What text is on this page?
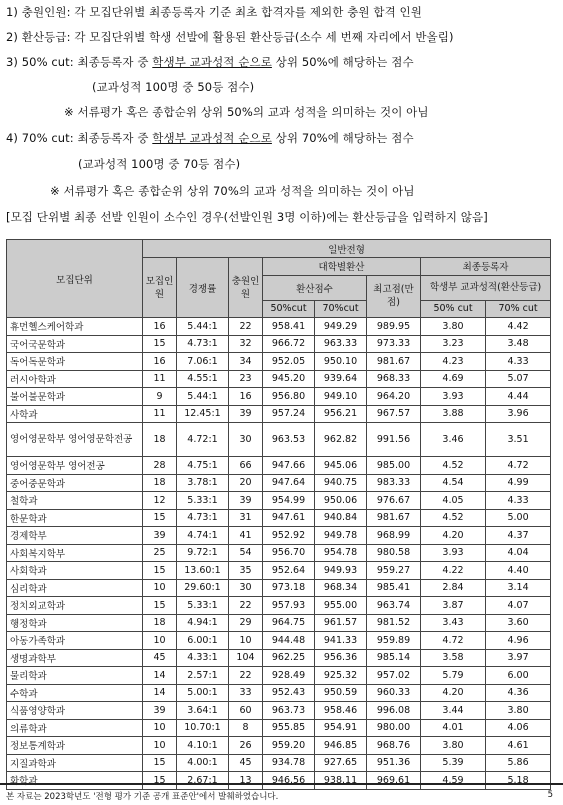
1) 충원인원: 각 모집단위별 최종등록자 기준 최초 합격자를 제외한 충원 합격 인원
2) 환산등급: 각 모집단위별 학생 선발에 활용된 환산등급(소수 세 번째 자리에서 반올림)
3) 50% cut: 최종등록자 중 학생부 교과성적 순으로 상위 50%에 해당하는 점수
(교과성적 100명 중 50등 점수)
※ 서류평가 혹은 종합순위 상위 50%의 교과 성적을 의미하는 것이 아님
4) 70% cut: 최종등록자 중 학생부 교과성적 순으로 상위 70%에 해당하는 점수
(교과성적 100명 중 70등 점수)
※ 서류평가 혹은 종합순위 상위 70%의 교과 성적을 의미하는 것이 아님
[모집 단위별 최종 선발 인원이 소수인 경우(선발인원 3명 이하)에는 환산등급을 입력하지 않음]
모집단위	일반전형							
	모집인원	경쟁률	충원인원	대학별환산			최종등록자	
				환산점수		최고점(만점)	학생부 교과성적(환산등급)	
				50%cut	70%cut		50% cut	70% cut
휴먼헬스케어학과	16	5.44:1	22	958.41	949.29	989.95	3.80	4.42
국어국문학과	15	4.73:1	32	966.72	963.33	973.33	3.23	3.48
독어독문학과	16	7.06:1	34	952.05	950.10	981.67	4.23	4.33
러시아학과	11	4.55:1	23	945.20	939.64	968.33	4.69	5.07
불어불문학과	9	5.44:1	16	956.80	949.10	964.20	3.93	4.44
사학과	11	12.45:1	39	957.24	956.21	967.57	3.88	3.96
영어영문학부 영어영문학전공	18	4.72:1	30	963.53	962.82	991.56	3.46	3.51
영어영문학부 영어전공	28	4.75:1	66	947.66	945.06	985.00	4.52	4.72
중어중문학과	18	3.78:1	20	947.64	940.75	983.33	4.54	4.99
철학과	12	5.33:1	39	954.99	950.06	976.67	4.05	4.33
한문학과	15	4.73:1	31	947.61	940.84	981.67	4.52	5.00
경제학부	39	4.74:1	41	952.92	949.78	968.99	4.20	4.37
사회복지학부	25	9.72:1	54	956.70	954.78	980.58	3.93	4.04
사회학과	15	13.60:1	35	952.64	949.93	959.27	4.22	4.40
심리학과	10	29.60:1	30	973.18	968.34	985.41	2.84	3.14
정치외교학과	15	5.33:1	22	957.93	955.00	963.74	3.87	4.07
행정학과	18	4.94:1	29	964.75	961.57	981.52	3.43	3.60
아동가족학과	10	6.00:1	10	944.48	941.33	959.89	4.72	4.96
생명과학부	45	4.33:1	104	962.25	956.36	985.14	3.58	3.97
물리학과	14	2.57:1	22	928.49	925.32	957.02	5.79	6.00
수학과	14	5.00:1	33	952.43	950.59	960.33	4.20	4.36
식품영양학과	39	3.64:1	60	963.73	958.46	996.08	3.44	3.80
의류학과	10	10.70:1	8	955.85	954.91	980.00	4.01	4.06
정보통계학과	10	4.10:1	26	959.20	946.85	968.76	3.80	4.61
지질과학과	15	4.00:1	45	934.78	927.65	951.36	5.39	5.86
화학과	15	2.67:1	13	946.56	938.11	969.61	4.59	5.18
본 자료는 2023학년도 '전형 평가 기준 공개 표준안'에서 발췌하였습니다.	5
